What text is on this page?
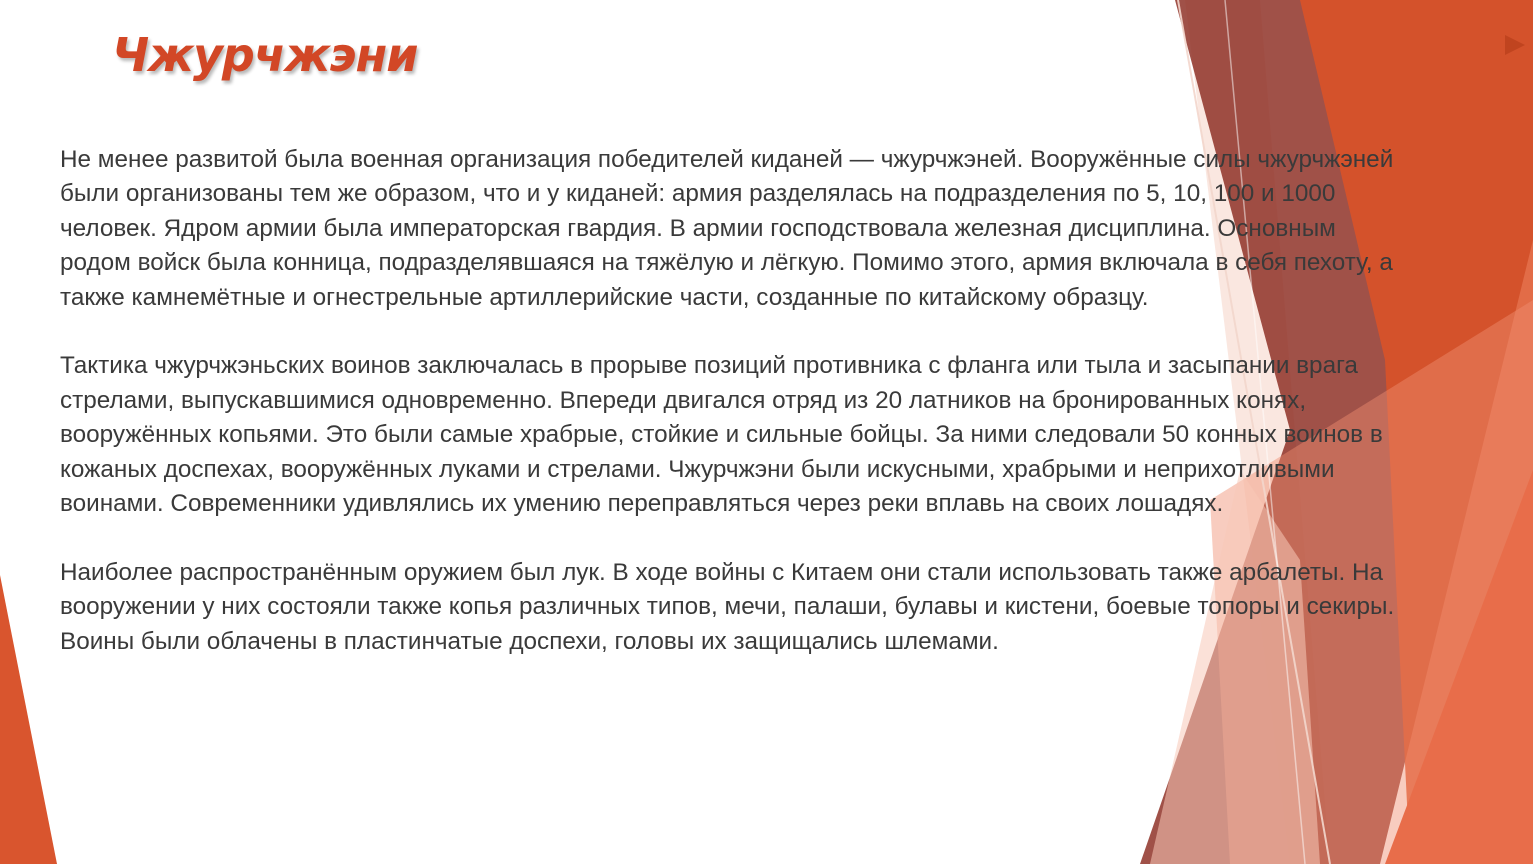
Чжурчжэни

Не менее развитой была военная организация победителей киданей — чжурчжэней. Вооружённые силы чжурчжэней были организованы тем же образом, что и у киданей: армия разделялась на подразделения по 5, 10, 100 и 1000 человек. Ядром армии была императорская гвардия. В армии господствовала железная дисциплина. Основным родом войск была конница, подразделявшаяся на тяжёлую и лёгкую. Помимо этого, армия включала в себя пехоту, а также камнемётные и огнестрельные артиллерийские части, созданные по китайскому образцу.

Тактика чжурчжэньских воинов заключалась в прорыве позиций противника с фланга или тыла и засыпании врага стрелами, выпускавшимися одновременно. Впереди двигался отряд из 20 латников на бронированных конях, вооружённых копьями. Это были самые храбрые, стойкие и сильные бойцы. За ними следовали 50 конных воинов в кожаных доспехах, вооружённых луками и стрелами. Чжурчжэни были искусными, храбрыми и неприхотливыми воинами. Современники удивлялись их умению переправляться через реки вплавь на своих лошадях.

Наиболее распространённым оружием был лук. В ходе войны с Китаем они стали использовать также арбалеты. На вооружении у них состояли также копья различных типов, мечи, палаши, булавы и кистени, боевые топоры и секиры. Воины были облачены в пластинчатые доспехи, головы их защищались шлемами.
